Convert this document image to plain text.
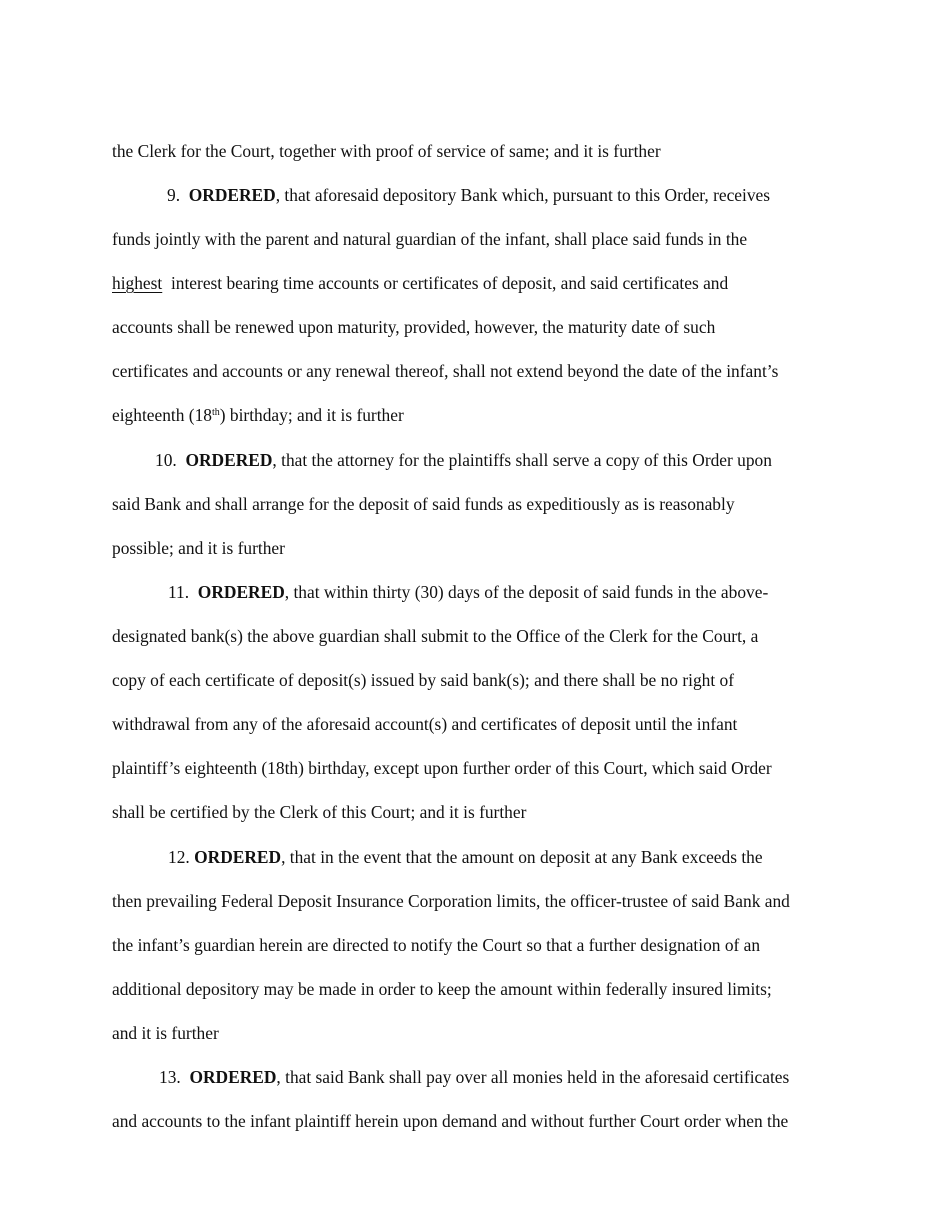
the Clerk for the Court, together with proof of service of same; and it is further
9. ORDERED, that aforesaid depository Bank which, pursuant to this Order, receives
funds jointly with the parent and natural guardian of the infant, shall place said funds in the
highest interest bearing time accounts or certificates of deposit, and said certificates and
accounts shall be renewed upon maturity, provided, however, the maturity date of such
certificates and accounts or any renewal thereof, shall not extend beyond the date of the infant’s
eighteenth (18th) birthday; and it is further
10. ORDERED, that the attorney for the plaintiffs shall serve a copy of this Order upon
said Bank and shall arrange for the deposit of said funds as expeditiously as is reasonably
possible; and it is further
11. ORDERED, that within thirty (30) days of the deposit of said funds in the above-
designated bank(s) the above guardian shall submit to the Office of the Clerk for the Court, a
copy of each certificate of deposit(s) issued by said bank(s); and there shall be no right of
withdrawal from any of the aforesaid account(s) and certificates of deposit until the infant
plaintiff’s eighteenth (18th) birthday, except upon further order of this Court, which said Order
shall be certified by the Clerk of this Court; and it is further
12. ORDERED, that in the event that the amount on deposit at any Bank exceeds the
then prevailing Federal Deposit Insurance Corporation limits, the officer-trustee of said Bank and
the infant’s guardian herein are directed to notify the Court so that a further designation of an
additional depository may be made in order to keep the amount within federally insured limits;
and it is further
13. ORDERED, that said Bank shall pay over all monies held in the aforesaid certificates
and accounts to the infant plaintiff herein upon demand and without further Court order when the
